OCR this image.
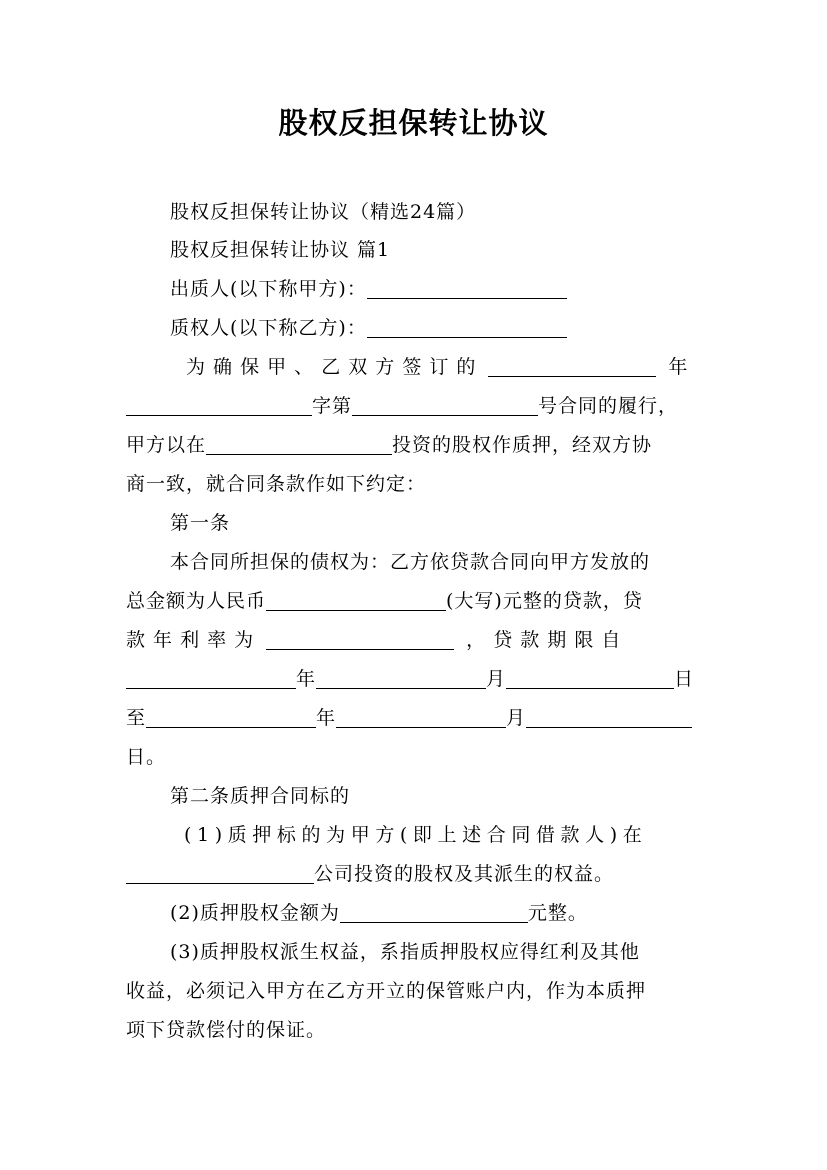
股权反担保转让协议
股权反担保转让协议（精选24篇）
股权反担保转让协议 篇1
出质人(以下称甲方)：
质权人(以下称乙方)：
为 确 保 甲 、 乙 双 方 签 订 的	年
字第	号合同的履行，
甲方以在	投资的股权作质押，经双方协
商一致，就合同条款作如下约定：
第一条
本合同所担保的债权为：乙方依贷款合同向甲方发放的
总金额为人民币	(大写)元整的贷款，贷
款 年 利 率 为	， 贷 款 期 限 自
年	月	日
至	年	月
日。
第二条质押合同标的
(1)质押标的为甲方(即上述合同借款人)在
公司投资的股权及其派生的权益。
(2)质押股权金额为	元整。
(3)质押股权派生权益，系指质押股权应得红利及其他
收益，必须记入甲方在乙方开立的保管账户内，作为本质押
项下贷款偿付的保证。
